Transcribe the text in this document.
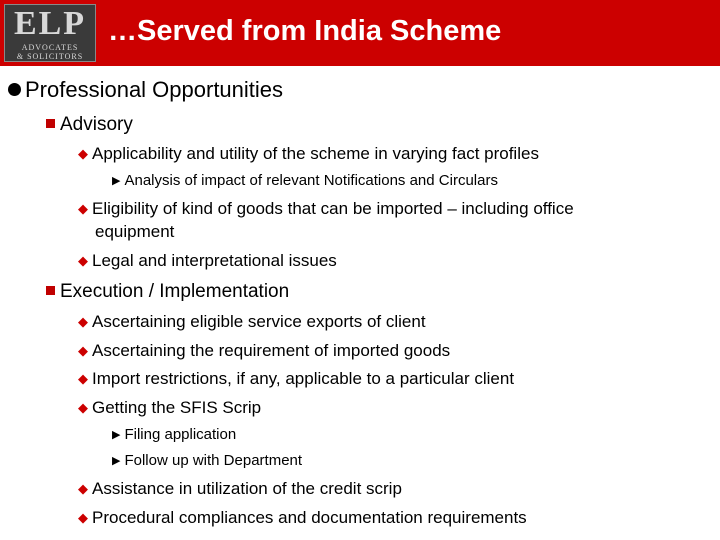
ELP
ADVOCATES
& SOLICITORS
…Served from India Scheme
Professional Opportunities
Advisory
◆ Applicability and utility of the scheme in varying fact profiles
▶ Analysis of impact of relevant Notifications and Circulars
◆ Eligibility of kind of goods that can be imported – including office
equipment
◆ Legal and interpretational issues
Execution / Implementation
◆ Ascertaining eligible service exports of client
◆ Ascertaining the requirement of imported goods
◆ Import restrictions, if any, applicable to a particular client
◆ Getting the SFIS Scrip
▶ Filing application
▶ Follow up with Department
◆ Assistance in utilization of the credit scrip
◆ Procedural compliances and documentation requirements
